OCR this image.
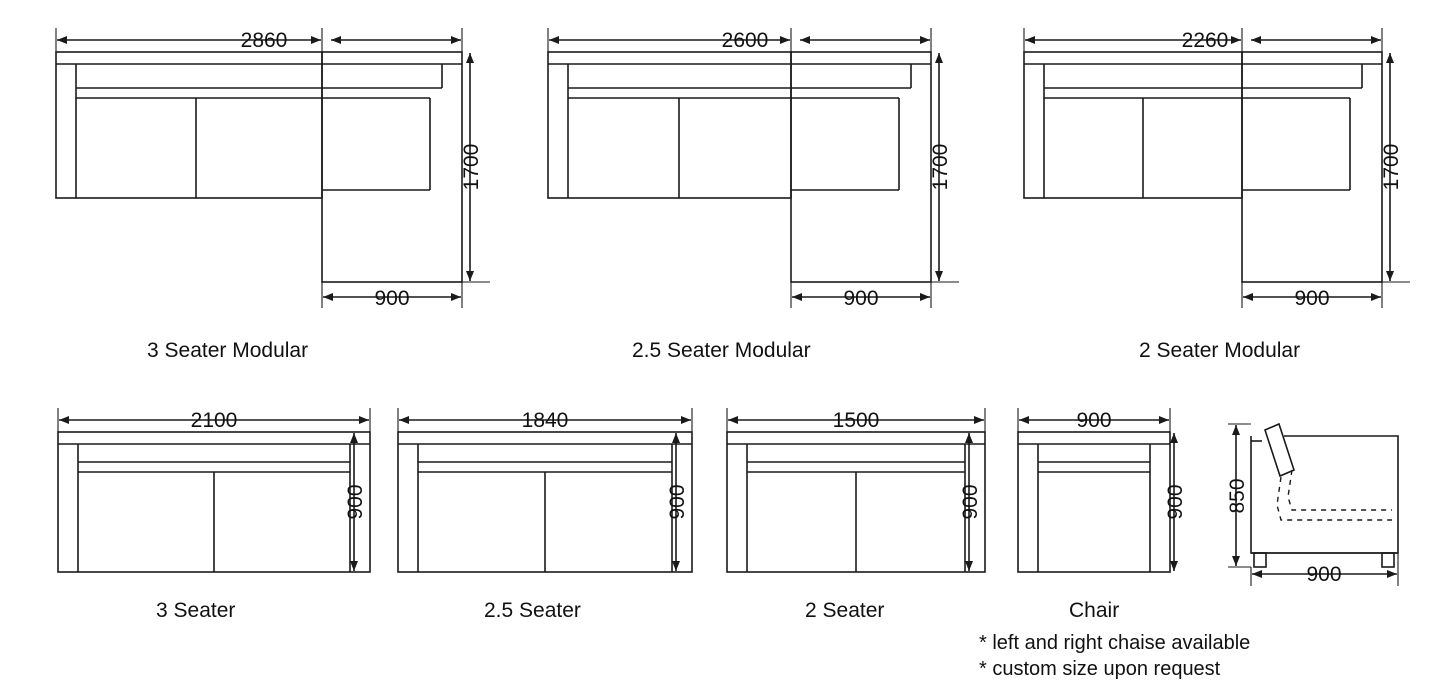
2860	2600	2260
1700	1700	1700
900	900	900
2100	1840	1500	900
900	900	900	900 850
900
3 Seater Modular	2.5 Seater Modular	2 Seater Modular
3 Seater	2.5 Seater	2 Seater	Chair
* left and right chaise available
* custom size upon request
